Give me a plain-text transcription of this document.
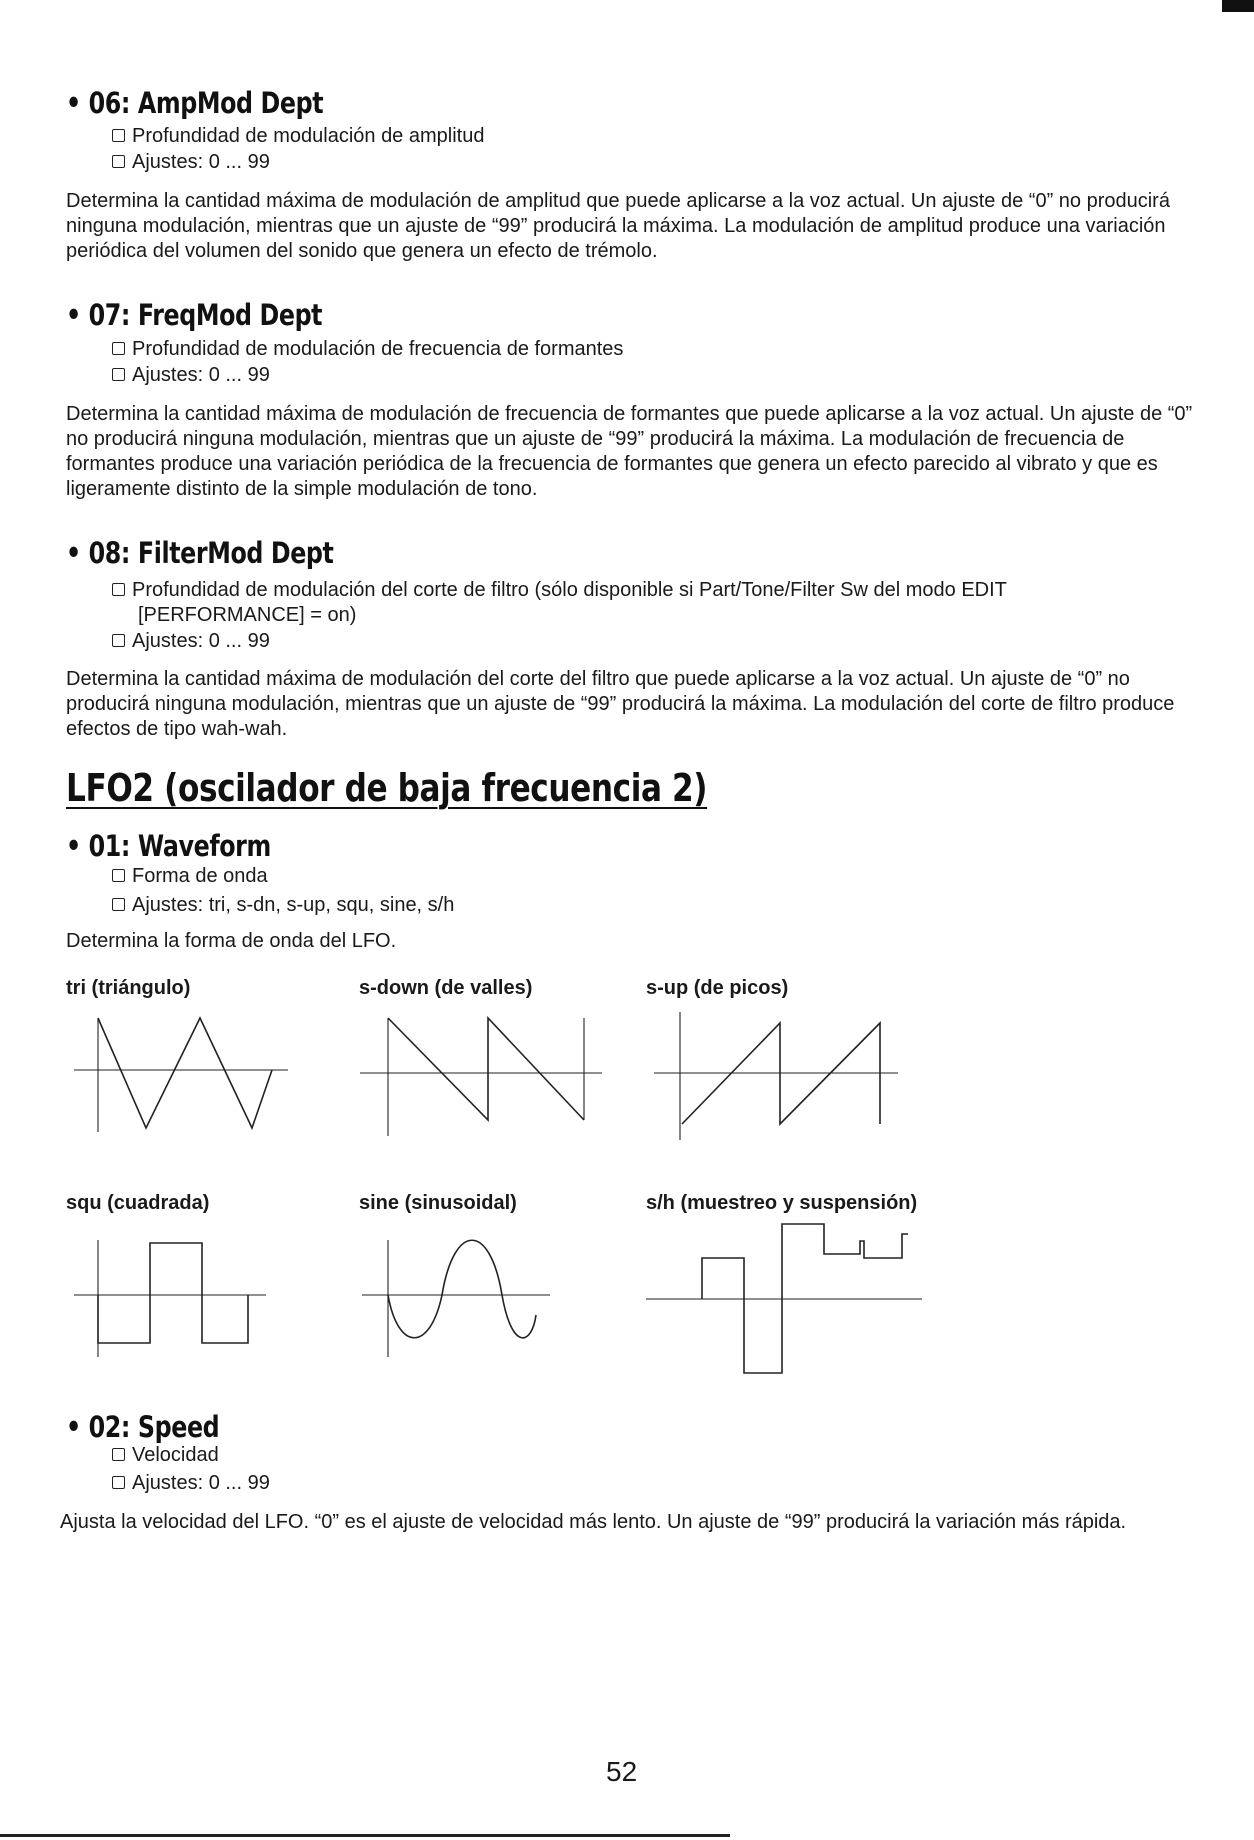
• 06: AmpMod Dept
Profundidad de modulación de amplitud
Ajustes: 0 ... 99
Determina la cantidad máxima de modulación de amplitud que puede aplicarse a la voz actual. Un ajuste de “0” no producirá ninguna modulación, mientras que un ajuste de “99” producirá la máxima. La modulación de amplitud produce una variación periódica del volumen del sonido que genera un efecto de trémolo.
• 07: FreqMod Dept
Profundidad de modulación de frecuencia de formantes
Ajustes: 0 ... 99
Determina la cantidad máxima de modulación de frecuencia de formantes que puede aplicarse a la voz actual. Un ajuste de “0” no producirá ninguna modulación, mientras que un ajuste de “99” producirá la máxima. La modulación de frecuencia de formantes produce una variación periódica de la frecuencia de formantes que genera un efecto parecido al vibrato y que es ligeramente distinto de la simple modulación de tono.
• 08: FilterMod Dept
Profundidad de modulación del corte de filtro (sólo disponible si Part/Tone/Filter Sw del modo EDIT
[PERFORMANCE] = on)
Ajustes: 0 ... 99
Determina la cantidad máxima de modulación del corte del filtro que puede aplicarse a la voz actual. Un ajuste de “0” no producirá ninguna modulación, mientras que un ajuste de “99” producirá la máxima. La modulación del corte de filtro produce efectos de tipo wah-wah.
LFO2 (oscilador de baja frecuencia 2)
• 01: Waveform
Forma de onda
Ajustes: tri, s-dn, s-up, squ, sine, s/h
Determina la forma de onda del LFO.
tri (triángulo)	s-down (de valles)	s-up (de picos)
squ (cuadrada)	sine (sinusoidal)	s/h (muestreo y suspensión)
• 02: Speed
Velocidad
Ajustes: 0 ... 99
Ajusta la velocidad del LFO. “0” es el ajuste de velocidad más lento. Un ajuste de “99” producirá la variación más rápida.
52
